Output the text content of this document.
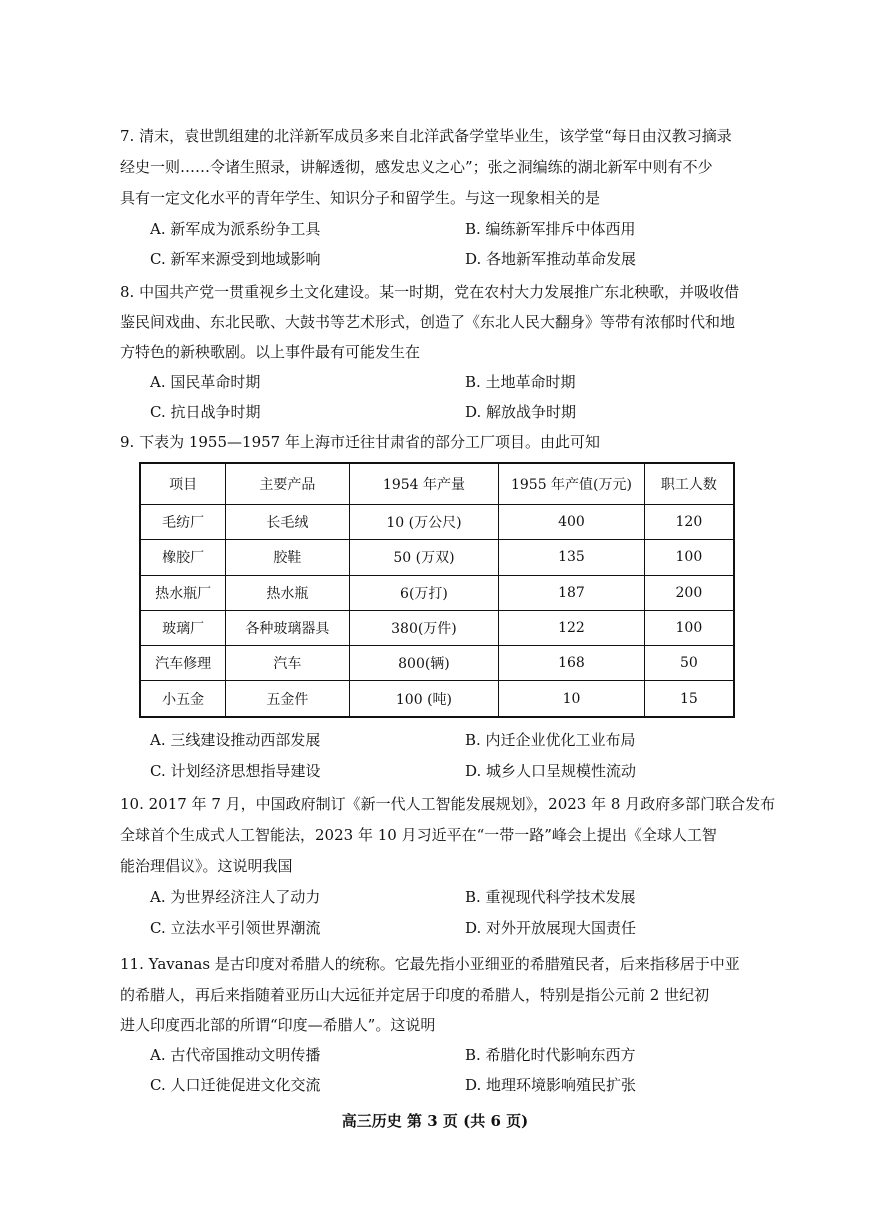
7. 清末，袁世凯组建的北洋新军成员多来自北洋武备学堂毕业生，该学堂“每日由汉教习摘录
经史一则……令诸生照录，讲解透彻，感发忠义之心”；张之洞编练的湖北新军中则有不少
具有一定文化水平的青年学生、知识分子和留学生。与这一现象相关的是
A. 新军成为派系纷争工具	B. 编练新军排斥中体西用
C. 新军来源受到地域影响	D. 各地新军推动革命发展
8. 中国共产党一贯重视乡土文化建设。某一时期，党在农村大力发展推广东北秧歌，并吸收借
鉴民间戏曲、东北民歌、大鼓书等艺术形式，创造了《东北人民大翻身》等带有浓郁时代和地
方特色的新秧歌剧。以上事件最有可能发生在
A. 国民革命时期	B. 土地革命时期
C. 抗日战争时期	D. 解放战争时期
9. 下表为 1955—1957 年上海市迁往甘肃省的部分工厂项目。由此可知
项目	主要产品	1954 年产量	1955 年产值(万元)	职工人数
毛纺厂	长毛绒	10 (万公尺)	400	120
橡胶厂	胶鞋	50 (万双)	135	100
热水瓶厂	热水瓶	6(万打)	187	200
玻璃厂	各种玻璃器具	380(万件)	122	100
汽车修理	汽车	800(辆)	168	50
小五金	五金件	100 (吨)	10	15
A. 三线建设推动西部发展	B. 内迁企业优化工业布局
C. 计划经济思想指导建设	D. 城乡人口呈规模性流动
10. 2017 年 7 月，中国政府制订《新一代人工智能发展规划》，2023 年 8 月政府多部门联合发布
全球首个生成式人工智能法，2023 年 10 月习近平在“一带一路”峰会上提出《全球人工智
能治理倡议》。这说明我国
A. 为世界经济注人了动力	B. 重视现代科学技术发展
C. 立法水平引领世界潮流	D. 对外开放展现大国责任
11. Yavanas 是古印度对希腊人的统称。它最先指小亚细亚的希腊殖民者，后来指移居于中亚
的希腊人，再后来指随着亚历山大远征并定居于印度的希腊人，特别是指公元前 2 世纪初
进人印度西北部的所谓“印度—希腊人”。这说明
A. 古代帝国推动文明传播	B. 希腊化时代影响东西方
C. 人口迁徙促进文化交流	D. 地理环境影响殖民扩张
高三历史 第 3 页 (共 6 页)
